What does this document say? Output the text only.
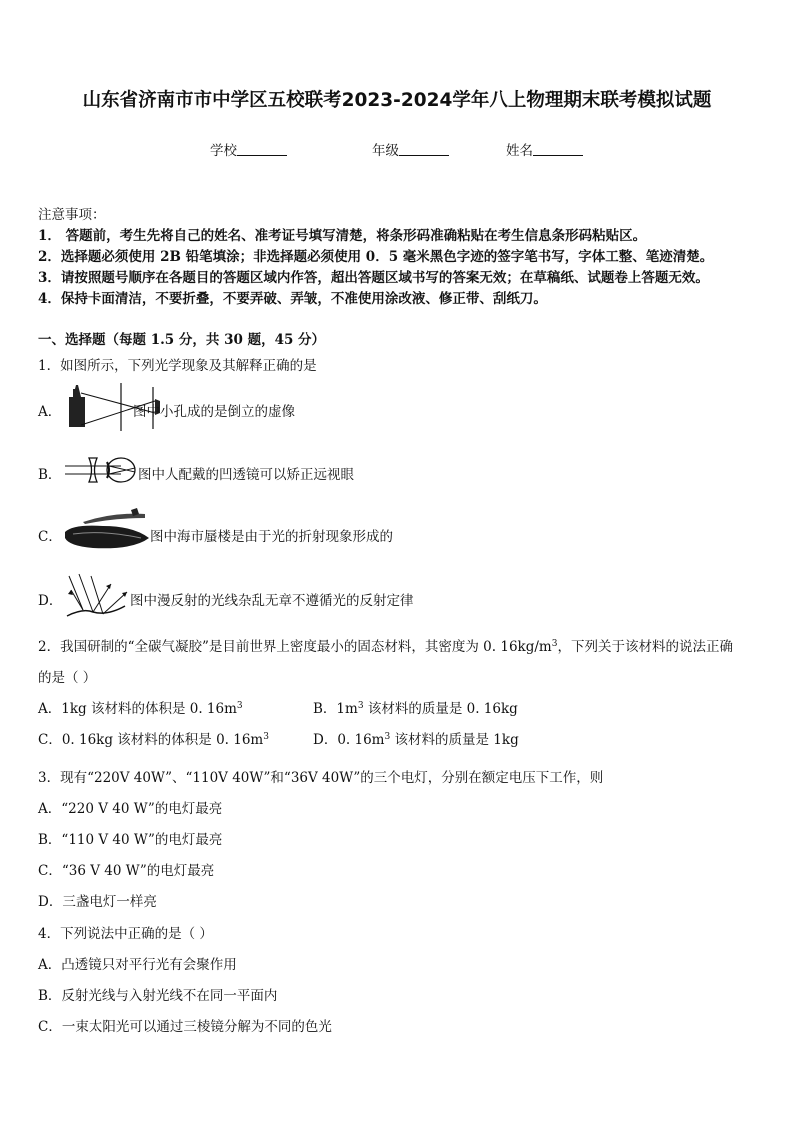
山东省济南市市中学区五校联考2023-2024学年八上物理期末联考模拟试题
学校	年级	姓名
注意事项：
1． 答题前，考生先将自己的姓名、准考证号填写清楚，将条形码准确粘贴在考生信息条形码粘贴区。
2．选择题必须使用 2B 铅笔填涂；非选择题必须使用 0．5 毫米黑色字迹的签字笔书写，字体工整、笔迹清楚。
3．请按照题号顺序在各题目的答题区域内作答，超出答题区域书写的答案无效；在草稿纸、试题卷上答题无效。
4．保持卡面清洁，不要折叠，不要弄破、弄皱，不准使用涂改液、修正带、刮纸刀。
一、选择题（每题 1.5 分，共 30 题，45 分）
1．如图所示，下列光学现象及其解释正确的是
A．	图中小孔成的是倒立的虚像
B．	图中人配戴的凹透镜可以矫正远视眼
C．	图中海市蜃楼是由于光的折射现象形成的
D．	图中漫反射的光线杂乱无章不遵循光的反射定律
2．我国研制的“全碳气凝胶”是目前世界上密度最小的固态材料，其密度为 0. $16kg/m^3$，下列关于该材料的说法正确
的是（ ）
A．1kg 该材料的体积是 0. $16m^3$	B．$1m^3$ 该材料的质量是 0. 16kg
C．0. 16kg 该材料的体积是 0. $16m^3$	D．0. $16m^3$ 该材料的质量是 1kg
3．现有“220V 40W”、“110V 40W”和“36V 40W”的三个电灯，分别在额定电压下工作，则
A．“220 V 40 W”的电灯最亮
B．“110 V 40 W”的电灯最亮
C．“36 V 40 W”的电灯最亮
D．三盏电灯一样亮
4．下列说法中正确的是（ ）
A．凸透镜只对平行光有会聚作用
B．反射光线与入射光线不在同一平面内
C．一束太阳光可以通过三棱镜分解为不同的色光
